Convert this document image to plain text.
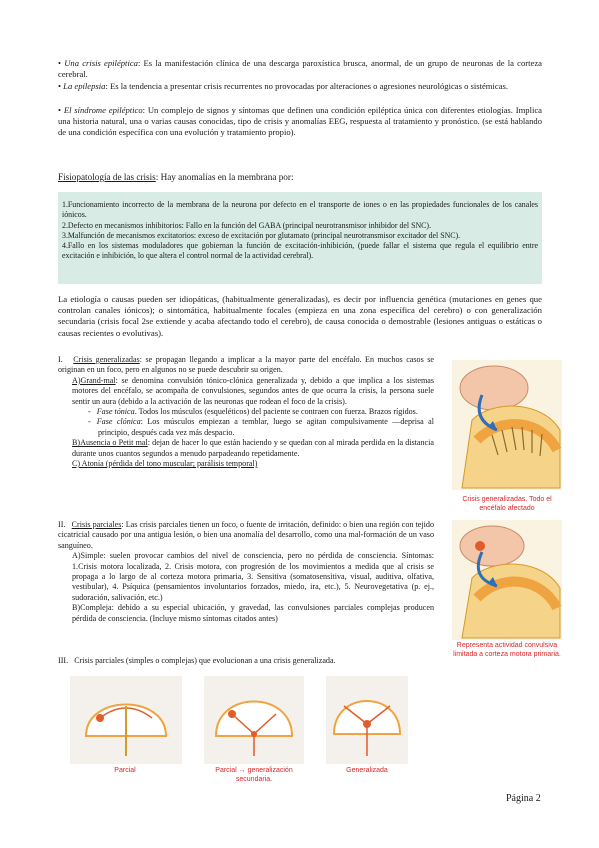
• Una crisis epiléptica: Es la manifestación clínica de una descarga paroxística brusca, anormal, de un grupo de neuronas de la corteza cerebral.
• La epilepsia: Es la tendencia a presentar crisis recurrentes no provocadas por alteraciones o agresiones neurológicas o sistémicas.
• El síndrome epiléptico: Un complejo de signos y síntomas que definen una condición epiléptica única con diferentes etiologías. Implica una historia natural, una o varias causas conocidas, tipo de crisis y anomalías EEG, respuesta al tratamiento y pronóstico. (se está hablando de una condición específica con una evolución y tratamiento propio).
Fisiopatología de las crisis: Hay anomalías en la membrana por:
1.Funcionamiento incorrecto de la membrana de la neurona por defecto en el transporte de iones o en las propiedades funcionales de los canales iónicos.
2.Defecto en mecanismos inhibitorios: Fallo en la función del GABA (principal neurotransmisor inhibidor del SNC).
3.Malfunción de mecanismos excitatorios: exceso de excitación por glutamato (principal neurotransmisor excitador del SNC).
4.Fallo en los sistemas moduladores que gobiernan la función de excitación-inhibición, (puede fallar el sistema que regula el equilibrio entre excitación e inhibición, lo que altera el control normal de la actividad cerebral).
La etiología o causas pueden ser idiopáticas, (habitualmente generalizadas), es decir por influencia genética (mutaciones en genes que controlan canales iónicos); o sintomática, habitualmente focales (empieza en una zona específica del cerebro) o con generalización secundaria (crisis focal 2se extiende y acaba afectando todo el cerebro), de causa conocida o demostrable (lesiones antiguas o estáticas o causas recientes o evolutivas).
I. Crisis generalizadas: se propagan llegando a implicar a la mayor parte del encéfalo. En muchos casos se originan en un foco, pero en algunos no se puede descubrir su origen.
A)Grand-mal: se denomina convulsión tónico-clónica generalizada y, debido a que implica a los sistemas motores del encéfalo, se acompaña de convulsiones, segundos antes de que ocurra la crisis, la persona suele sentir un aura (debido a la activación de las neuronas que rodean el foco de la crisis).
- Fase tónica. Todos los músculos (esqueléticos) del paciente se contraen con fuerza. Brazos rígidos.
- Fase clónica: Los músculos empiezan a temblar, luego se agitan compulsivamente —deprisa al principio, después cada vez más despacio.
B)Ausencia o Petit mal: dejan de hacer lo que están haciendo y se quedan con al mirada perdida en la distancia durante unos cuantos segundos a menudo parpadeando repetidamente.
C) Atonía (pérdida del tono muscular; parálisis temporal)
II. Crisis parciales: Las crisis parciales tienen un foco, o fuente de irritación, definido: o bien una región con tejido cicatricial causado por una antigua lesión, o bien una anomalía del desarrollo, como una mal-formación de un vaso sanguíneo.
A)Simple: suelen provocar cambios del nivel de consciencia, pero no pérdida de consciencia. Síntomas: 1.Crisis motora localizada, 2. Crisis motora, con progresión de los movimientos a medida que al crisis se propaga a lo largo de al corteza motora primaria, 3. Sensitiva (somatosensitiva, visual, auditiva, olfativa, vestibular), 4. Psíquica (pensamientos involuntarios forzados, miedo, ira, etc.), 5. Neurovegetativa (p. ej., sudoración, salivación, etc.)
B)Compleja: debido a su especial ubicación, y gravedad, las convulsiones parciales complejas producen pérdida de consciencia. (Incluye mismo síntomas citados antes)
III. Crisis parciales (simples o complejas) que evolucionan a una crisis generalizada.
Crisis generalizadas. Todo el encéfalo afectado
Representa actividad convulsiva limitada a corteza motora primaria.
Parcial	Parcial → generalización secundaria.
Generalizada
Página 2
